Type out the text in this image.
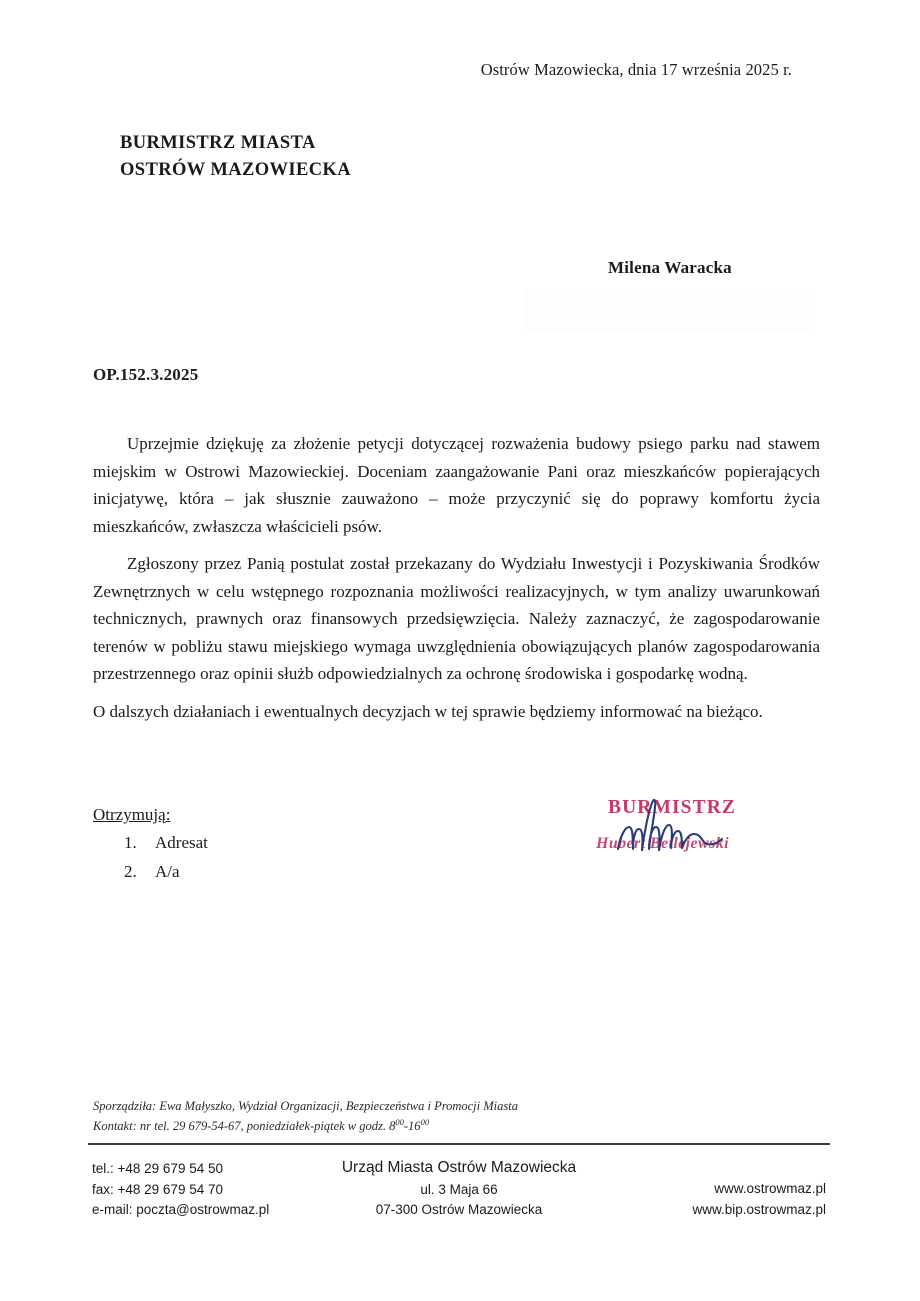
Ostrów Mazowiecka, dnia 17 września 2025 r.
BURMISTRZ MIASTA
OSTRÓW MAZOWIECKA
Milena Waracka
OP.152.3.2025

Uprzejmie dziękuję za złożenie petycji dotyczącej rozważenia budowy psiego parku nad stawem miejskim w Ostrowi Mazowieckiej. Doceniam zaangażowanie Pani oraz mieszkańców popierających inicjatywę, która – jak słusznie zauważono – może przyczynić się do poprawy komfortu życia mieszkańców, zwłaszcza właścicieli psów.

Zgłoszony przez Panią postulat został przekazany do Wydziału Inwestycji i Pozyskiwania Środków Zewnętrznych w celu wstępnego rozpoznania możliwości realizacyjnych, w tym analizy uwarunkowań technicznych, prawnych oraz finansowych przedsięwzięcia. Należy zaznaczyć, że zagospodarowanie terenów w pobliżu stawu miejskiego wymaga uwzględnienia obowiązujących planów zagospodarowania przestrzennego oraz opinii służb odpowiedzialnych za ochronę środowiska i gospodarkę wodną.

O dalszych działaniach i ewentualnych decyzjach w tej sprawie będziemy informować na bieżąco.

Otrzymują:
1. Adresat
2. A/a
BURMISTRZ
Hubert Betlejewski
Sporządziła: Ewa Małyszko, Wydział Organizacji, Bezpieczeństwa i Promocji Miasta
Kontakt: nr tel. 29 679-54-67, poniedziałek-piątek w godz. $8^{00}-16^{00}$
tel.: +48 29 679 54 50
fax: +48 29 679 54 70
e-mail: poczta@ostrowmaz.pl
Urząd Miasta Ostrów Mazowiecka
ul. 3 Maja 66
07-300 Ostrów Mazowiecka
www.ostrowmaz.pl
www.bip.ostrowmaz.pl
